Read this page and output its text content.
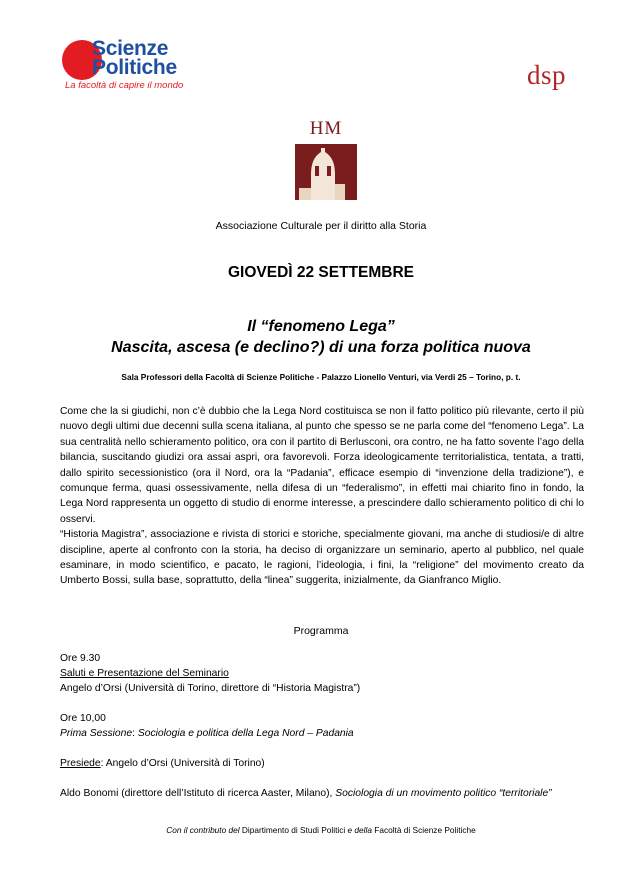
Scienze
Politiche
La facoltà di capire il mondo	dsp
HM
Associazione Culturale per il diritto alla Storia
GIOVEDÌ 22 SETTEMBRE
Il “fenomeno Lega”
Nascita, ascesa (e declino?) di una forza politica nuova
Sala Professori della Facoltà di Scienze Politiche - Palazzo Lionello Venturi, via Verdi 25 – Torino, p. t.

Come che la si giudichi, non c’è dubbio che la Lega Nord costituisca se non il fatto politico più rilevante, certo il più nuovo degli ultimi due decenni sulla scena italiana, al punto che spesso se ne parla come del “fenomeno Lega”. La sua centralità nello schieramento politico, ora con il partito di Berlusconi, ora contro, ne ha fatto sovente l’ago della bilancia, suscitando giudizi ora assai aspri, ora favorevoli. Forza ideologicamente territorialistica, tentata, a tratti, dallo spirito secessionistico (ora il Nord, ora la “Padania”, efficace esempio di “invenzione della tradizione”), e comunque ferma, quasi ossessivamente, nella difesa di un “federalismo”, in effetti mai chiarito fino in fondo, la Lega Nord rappresenta un oggetto di studio di enorme interesse, a prescindere dallo schieramento politico di chi lo osservi.

“Historia Magistra”, associazione e rivista di storici e storiche, specialmente giovani, ma anche di studiosi/e di altre discipline, aperte al confronto con la storia, ha deciso di organizzare un seminario, aperto al pubblico, nel quale esaminare, in modo scientifico, e pacato, le ragioni, l’ideologia, i fini, la “religione” del movimento creato da Umberto Bossi, sulla base, soprattutto, della “linea” suggerita, inizialmente, da Gianfranco Miglio.

Programma
Ore 9.30
Saluti e Presentazione del Seminario
Angelo d’Orsi (Università di Torino, direttore di “Historia Magistra”)
Ore 10,00
Prima Sessione: Sociologia e politica della Lega Nord – Padania
Presiede: Angelo d’Orsi (Università di Torino)
Aldo Bonomi (direttore dell’Istituto di ricerca Aaster, Milano), Sociologia di un movimento politico “territoriale”
Con il contributo del Dipartimento di Studi Politici e della Facoltà di Scienze Politiche
